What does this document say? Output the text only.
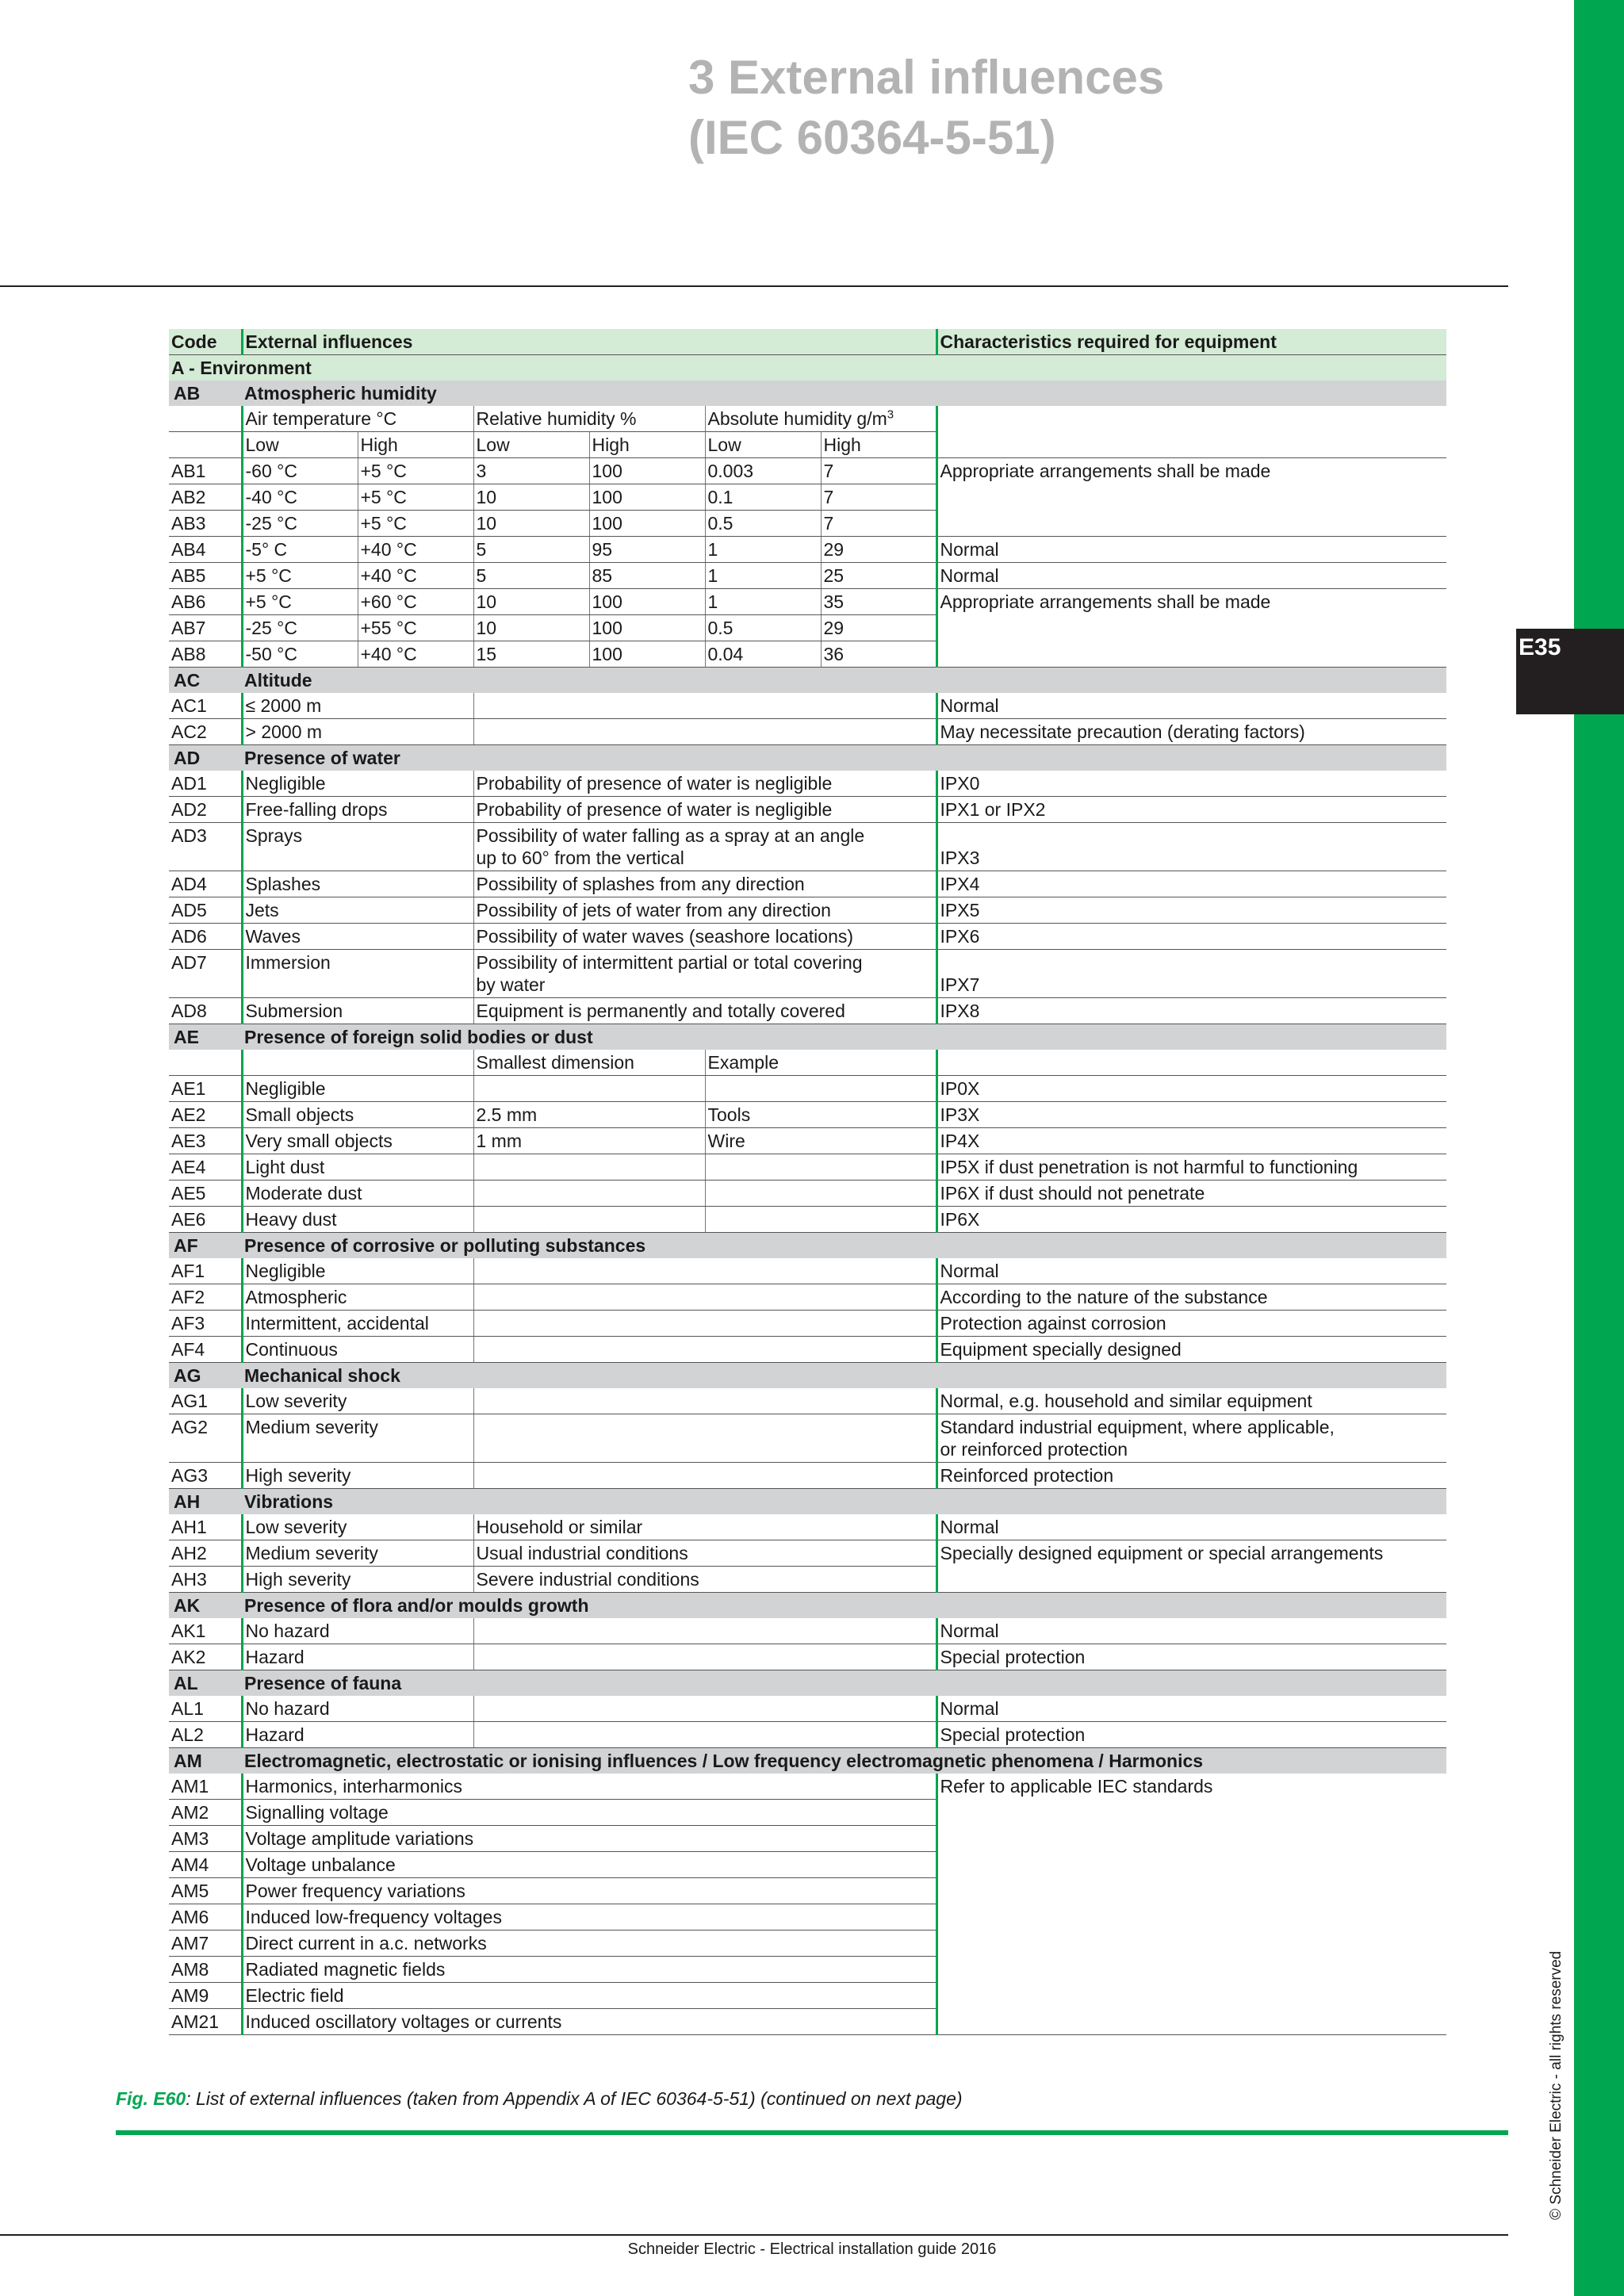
E35
© Schneider Electric - all rights reserved
3 External influences
(IEC 60364-5-51)
Code	External influences						Characteristics required for equipment
A - Environment							
AB	Atmospheric humidity						
	Air temperature °C		Relative humidity %		Absolute humidity $g/m^3$	
	Low	High	Low	High	Low	High	
AB1	-60 °C	+5 °C	3	100	0.003	7	Appropriate arrangements shall be made
AB2	-40 °C	+5 °C	10	100	0.1	7	
AB3	-25 °C	+5 °C	10	100	0.5	7	
AB4	-5° C	+40 °C	5	95	1	29	Normal
AB5	+5 °C	+40 °C	5	85	1	25	Normal
AB6	+5 °C	+60 °C	10	100	1	35	Appropriate arrangements shall be made
AB7	-25 °C	+55 °C	10	100	0.5	29	
AB8	-50 °C	+40 °C	15	100	0.04	36	
AC	Altitude						
AC1	≤ 2000 m						Normal
AC2	> 2000 m						May necessitate precaution (derating factors)
AD	Presence of water						
AD1	Negligible		Probability of presence of water is negligible				IPX0
AD2	Free-falling drops		Probability of presence of water is negligible				IPX1 or IPX2
AD3	Sprays		Possibility of water falling as a spray at an angle
up to 60° from the vertical				IPX3
AD4	Splashes		Possibility of splashes from any direction				IPX4
AD5	Jets		Possibility of jets of water from any direction				IPX5
AD6	Waves		Possibility of water waves (seashore locations)				IPX6
AD7	Immersion		Possibility of intermittent partial or total covering
by water				IPX7
AD8	Submersion		Equipment is permanently and totally covered				IPX8
AE	Presence of foreign solid bodies or dust						
			Smallest dimension		Example		
AE1	Negligible						IP0X
AE2	Small objects		2.5 mm		Tools		IP3X
AE3	Very small objects		1 mm		Wire		IP4X
AE4	Light dust						IP5X if dust penetration is not harmful to functioning
AE5	Moderate dust						IP6X if dust should not penetrate
AE6	Heavy dust						IP6X
AF	Presence of corrosive or polluting substances						
AF1	Negligible						Normal
AF2	Atmospheric						According to the nature of the substance
AF3	Intermittent, accidental						Protection against corrosion
AF4	Continuous						Equipment specially designed
AG	Mechanical shock						
AG1	Low severity						Normal, e.g. household and similar equipment
AG2	Medium severity						Standard industrial equipment, where applicable,
or reinforced protection

AG3	High severity						Reinforced protection
AH	Vibrations						
AH1	Low severity		Household or similar				Normal
AH2	Medium severity		Usual industrial conditions				Specially designed equipment or special arrangements
AH3	High severity		Severe industrial conditions				
AK	Presence of flora and/or moulds growth						
AK1	No hazard						Normal
AK2	Hazard						Special protection
AL	Presence of fauna						
AL1	No hazard						Normal
AL2	Hazard						Special protection
AM	Electromagnetic, electrostatic or ionising influences / Low frequency electromagnetic phenomena / Harmonics						
AM1	Harmonics, interharmonics						Refer to applicable IEC standards
AM2	Signalling voltage						
AM3	Voltage amplitude variations						
AM4	Voltage unbalance						
AM5	Power frequency variations						
AM6	Induced low-frequency voltages						
AM7	Direct current in a.c. networks						
AM8	Radiated magnetic fields						
AM9	Electric field						
AM21	Induced oscillatory voltages or currents						
Fig. E60: List of external influences (taken from Appendix A of IEC 60364-5-51) (continued on next page)
Schneider Electric - Electrical installation guide 2016
